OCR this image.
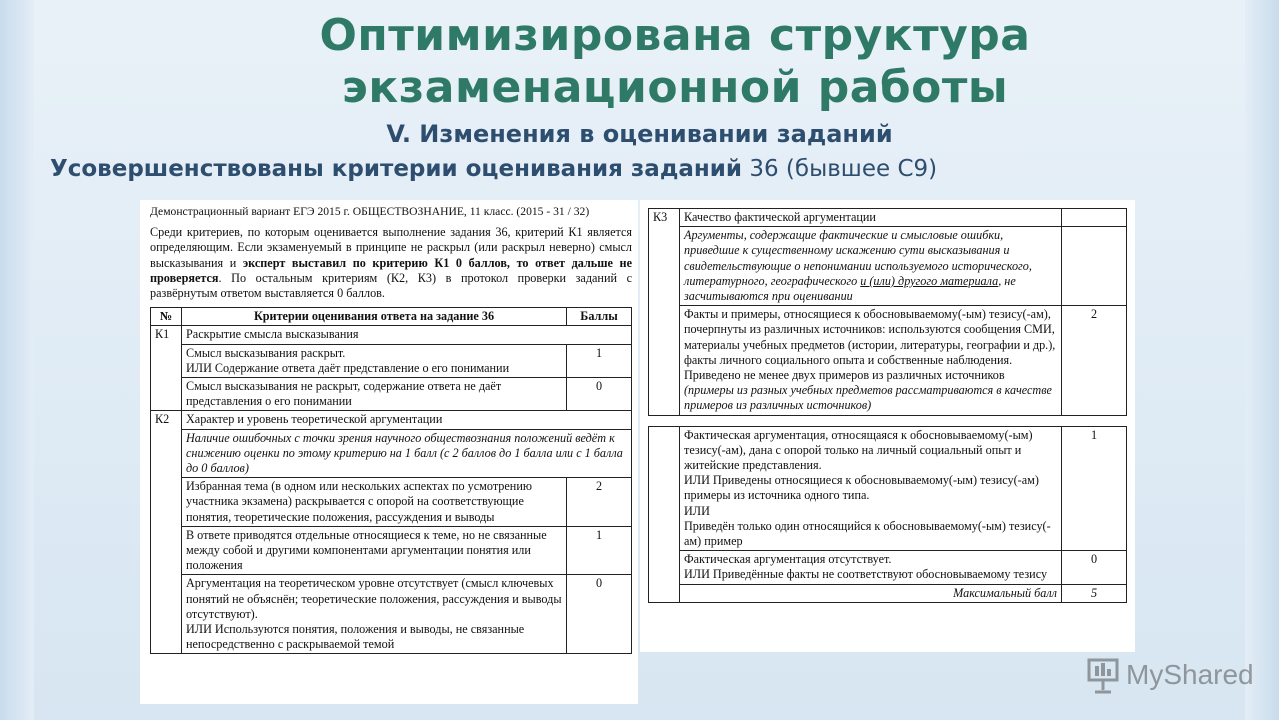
Оптимизирована структура
экзаменационной работы
V. Изменения в оценивании заданий
Усовершенствованы критерии оценивания заданий 36 (бывшее С9)
Демонстрационный вариант ЕГЭ 2015 г. ОБЩЕСТВОЗНАНИЕ, 11 класс. (2015 - 31 / 32)
Среди критериев, по которым оценивается выполнение задания 36, критерий К1 является определяющим. Если экзаменуемый в принципе не раскрыл (или раскрыл неверно) смысл высказывания и эксперт выставил по критерию К1 0 баллов, то ответ дальше не проверяется. По остальным критериям (К2, К3) в протокол проверки заданий с развёрнутым ответом выставляется 0 баллов.
№	Критерии оценивания ответа на задание 36	Баллы
К1	Раскрытие смысла высказывания	
	Смысл высказывания раскрыт.
ИЛИ Содержание ответа даёт представление о его понимании	1
	Смысл высказывания не раскрыт, содержание ответа не даёт представления о его понимании	0
К2	Характер и уровень теоретической аргументации	
	Наличие ошибочных с точки зрения научного обществознания положений ведёт к снижению оценки по этому критерию на 1 балл (с 2 баллов до 1 балла или с 1 балла до 0 баллов)	
	Избранная тема (в одном или нескольких аспектах по усмотрению участника экзамена) раскрывается с опорой на соответствующие понятия, теоретические положения, рассуждения и выводы	2
	В ответе приводятся отдельные относящиеся к теме, но не связанные между собой и другими компонентами аргументации понятия или положения	1
	Аргументация на теоретическом уровне отсутствует (смысл ключевых понятий не объяснён; теоретические положения, рассуждения и выводы отсутствуют).
ИЛИ Используются понятия, положения и выводы, не связанные непосредственно с раскрываемой темой	0
К3	Качество фактической аргументации	
	Аргументы, содержащие фактические и смысловые ошибки, приведшие к существенному искажению сути высказывания и свидетельствующие о непонимании используемого исторического, литературного, географического и (или) другого материала, не засчитываются при оценивании	
	Факты и примеры, относящиеся к обосновываемому(-ым) тезису(-ам), почерпнуты из различных источников: используются сообщения СМИ, материалы учебных предметов (истории, литературы, географии и др.), факты личного социального опыта и собственные наблюдения.
Приведено не менее двух примеров из различных источников (примеры из разных учебных предметов рассматриваются в качестве примеров из различных источников)	2
	Фактическая аргументация, относящаяся к обосновываемому(-ым) тезису(-ам), дана с опорой только на личный социальный опыт и житейские представления.
ИЛИ Приведены относящиеся к обосновываемому(-ым) тезису(-ам) примеры из источника одного типа.
ИЛИ
Приведён только один относящийся к обосновываемому(-ым) тезису(-ам) пример	1
	Фактическая аргументация отсутствует.
ИЛИ Приведённые факты не соответствуют обосновываемому тезису	0
	Максимальный балл	5
MyShared
